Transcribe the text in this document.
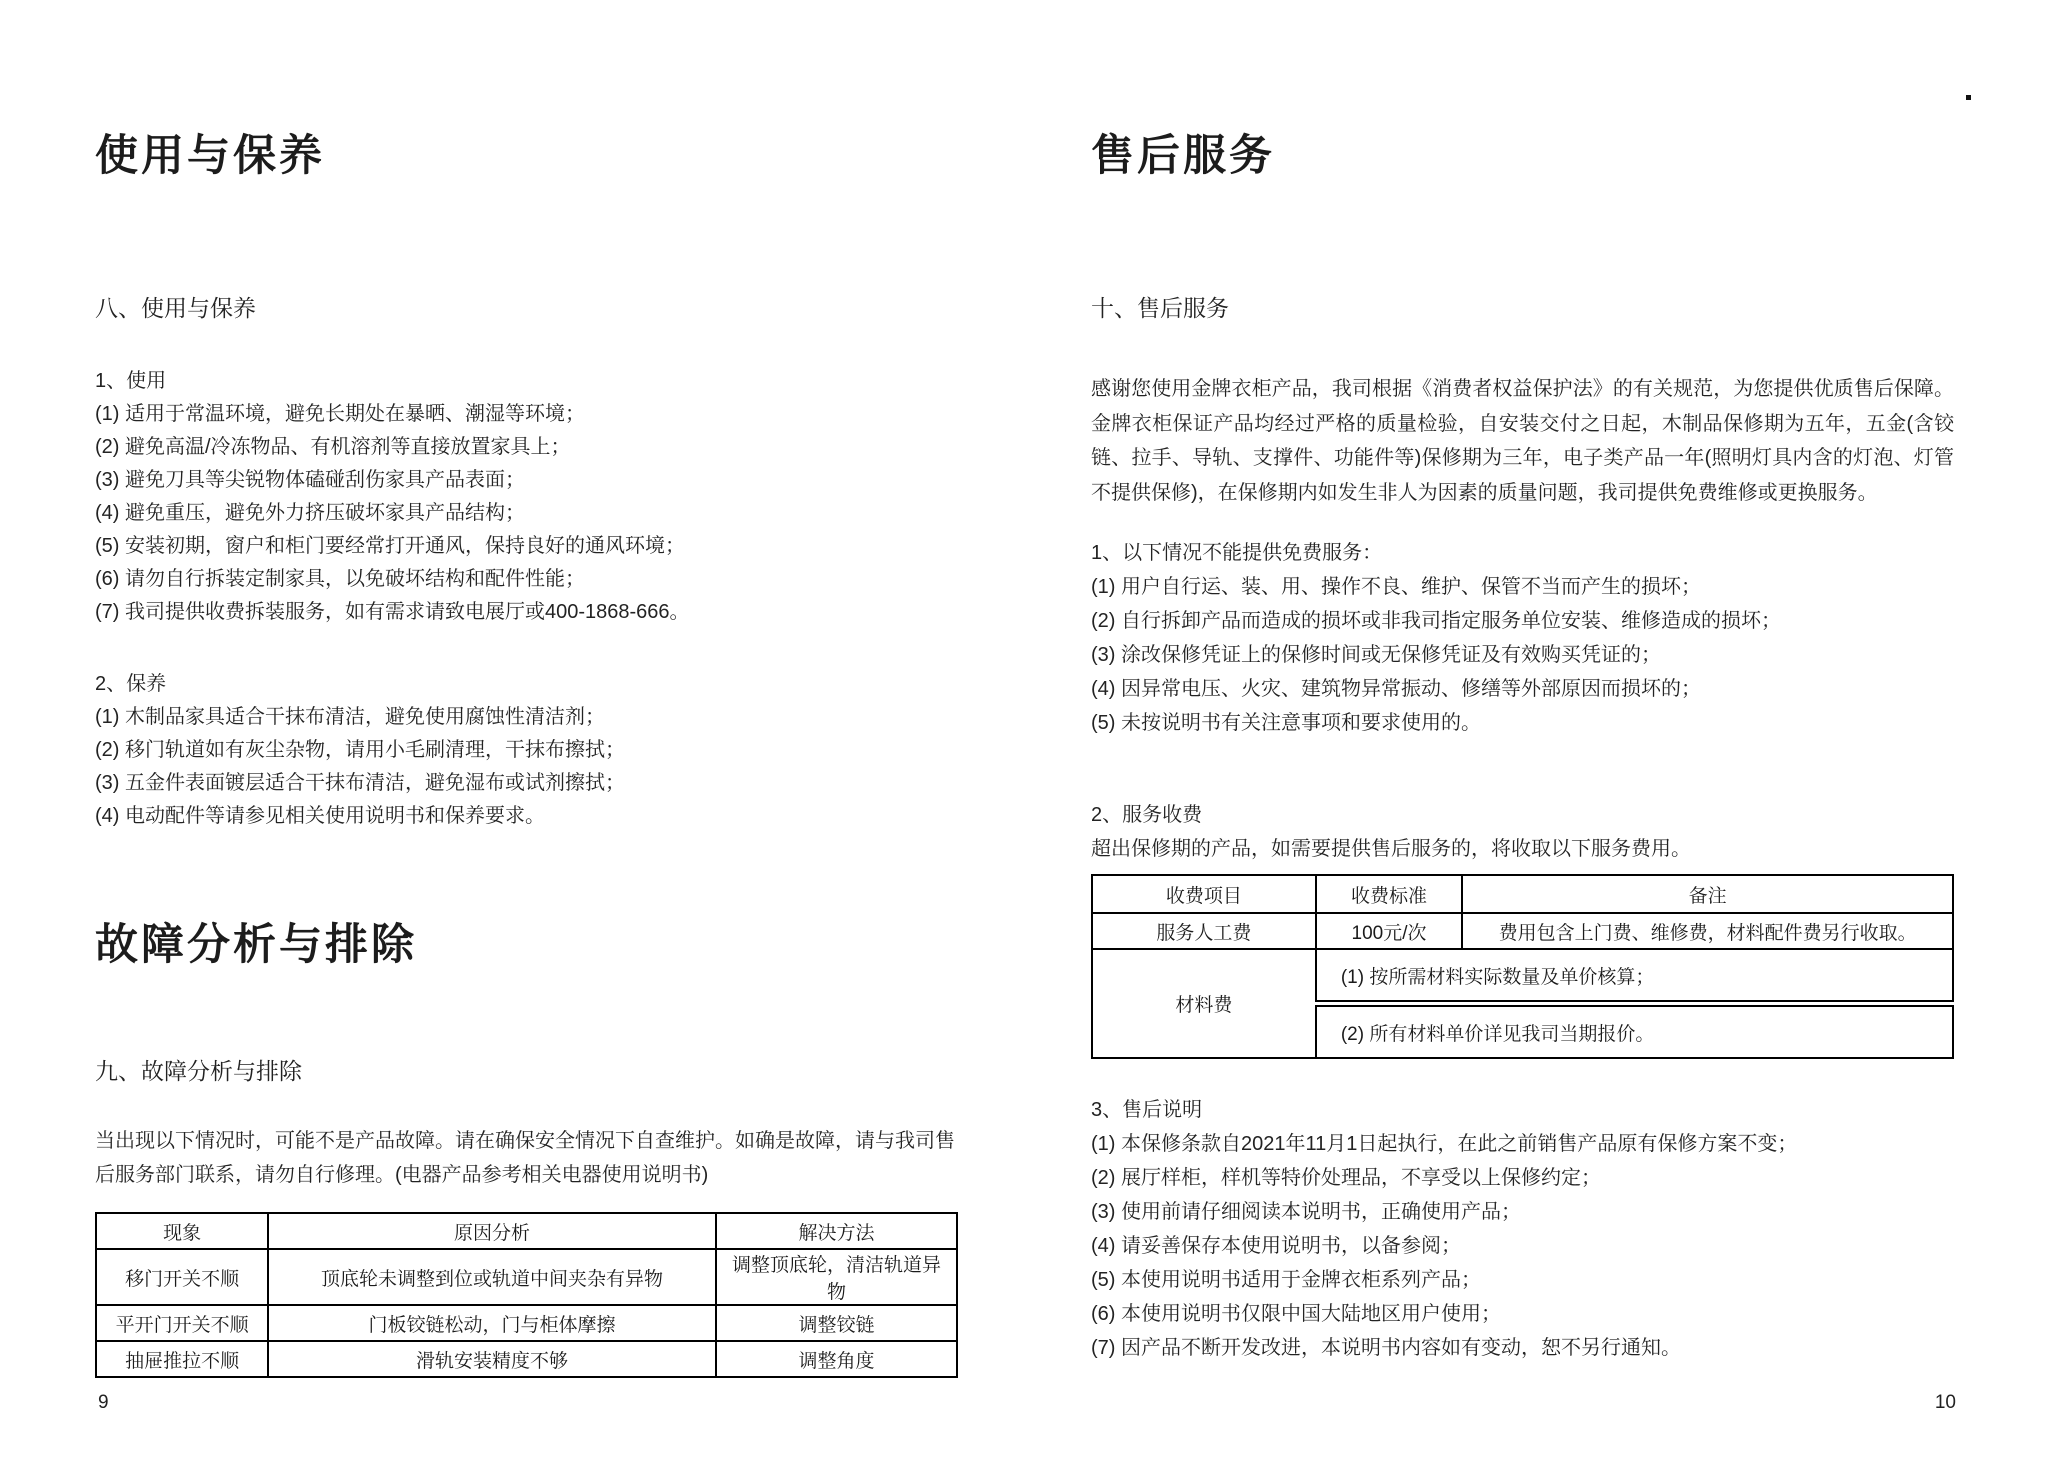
使用与保养
八、使用与保养
1、使用
(1) 适用于常温环境，避免长期处在暴晒、潮湿等环境；
(2) 避免高温/冷冻物品、有机溶剂等直接放置家具上；
(3) 避免刀具等尖锐物体磕碰刮伤家具产品表面；
(4) 避免重压，避免外力挤压破坏家具产品结构；
(5) 安装初期，窗户和柜门要经常打开通风，保持良好的通风环境；
(6) 请勿自行拆装定制家具，以免破坏结构和配件性能；
(7) 我司提供收费拆装服务，如有需求请致电展厅或400-1868-666。
2、保养
(1) 木制品家具适合干抹布清洁，避免使用腐蚀性清洁剂；
(2) 移门轨道如有灰尘杂物，请用小毛刷清理，干抹布擦拭；
(3) 五金件表面镀层适合干抹布清洁，避免湿布或试剂擦拭；
(4) 电动配件等请参见相关使用说明书和保养要求。
故障分析与排除
九、故障分析与排除

当出现以下情况时，可能不是产品故障。请在确保安全情况下自查维护。如确是故障，请与我司售后服务部门联系，请勿自行修理。(电器产品参考相关电器使用说明书)

现象	原因分析	解决方法
移门开关不顺	顶底轮未调整到位或轨道中间夹杂有异物	调整顶底轮，清洁轨道异物
平开门开关不顺	门板铰链松动，门与柜体摩擦	调整铰链
抽屉推拉不顺	滑轨安装精度不够	调整角度
9
售后服务
十、售后服务

感谢您使用金牌衣柜产品，我司根据《消费者权益保护法》的有关规范，为您提供优质售后保障。金牌衣柜保证产品均经过严格的质量检验，自安装交付之日起，木制品保修期为五年，五金(含铰链、拉手、导轨、支撑件、功能件等)保修期为三年，电子类产品一年(照明灯具内含的灯泡、灯管不提供保修)，在保修期内如发生非人为因素的质量问题，我司提供免费维修或更换服务。

1、以下情况不能提供免费服务：
(1) 用户自行运、装、用、操作不良、维护、保管不当而产生的损坏；
(2) 自行拆卸产品而造成的损坏或非我司指定服务单位安装、维修造成的损坏；
(3) 涂改保修凭证上的保修时间或无保修凭证及有效购买凭证的；
(4) 因异常电压、火灾、建筑物异常振动、修缮等外部原因而损坏的；
(5) 未按说明书有关注意事项和要求使用的。
2、服务收费
超出保修期的产品，如需要提供售后服务的，将收取以下服务费用。
收费项目	收费标准	备注
服务人工费	100元/次	费用包含上门费、维修费，材料配件费另行收取。
材料费	(1) 按所需材料实际数量及单价核算；	
	(2) 所有材料单价详见我司当期报价。	
3、售后说明
(1) 本保修条款自2021年11月1日起执行，在此之前销售产品原有保修方案不变；
(2) 展厅样柜，样机等特价处理品，不享受以上保修约定；
(3) 使用前请仔细阅读本说明书，正确使用产品；
(4) 请妥善保存本使用说明书，以备参阅；
(5) 本使用说明书适用于金牌衣柜系列产品；
(6) 本使用说明书仅限中国大陆地区用户使用；
(7) 因产品不断开发改进，本说明书内容如有变动，恕不另行通知。
10
